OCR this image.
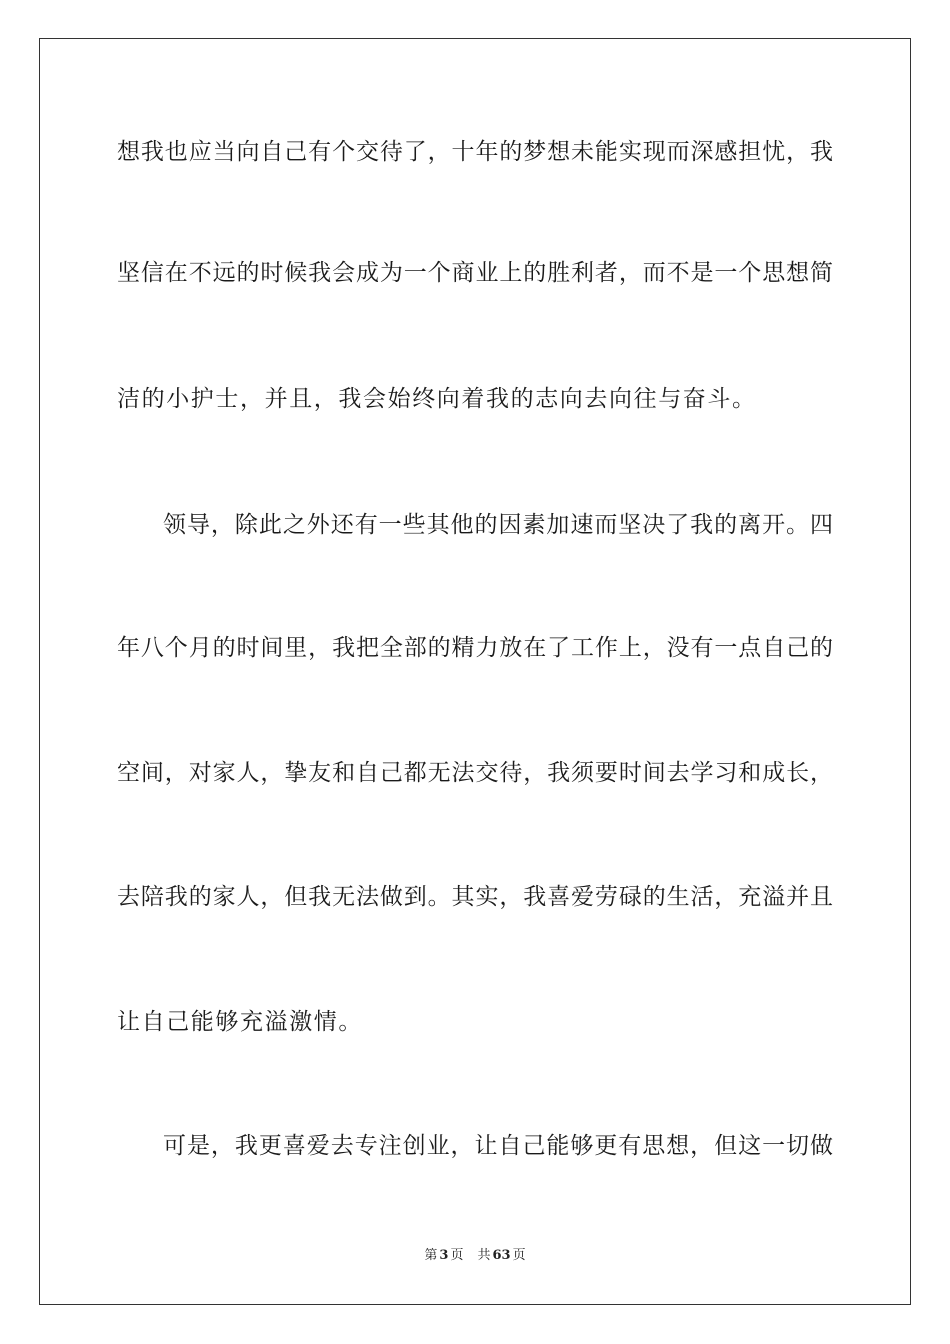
想我也应当向自己有个交待了，十年的梦想未能实现而深感担忧，我
坚信在不远的时候我会成为一个商业上的胜利者，而不是一个思想简
洁的小护士，并且，我会始终向着我的志向去向往与奋斗。
领导，除此之外还有一些其他的因素加速而坚决了我的离开。四
年八个月的时间里，我把全部的精力放在了工作上，没有一点自己的
空间，对家人，挚友和自己都无法交待，我须要时间去学习和成长，
去陪我的家人，但我无法做到。其实，我喜爱劳碌的生活，充溢并且
让自己能够充溢激情。
可是，我更喜爱去专注创业，让自己能够更有思想，但这一切做
第 3 页 共 63 页
